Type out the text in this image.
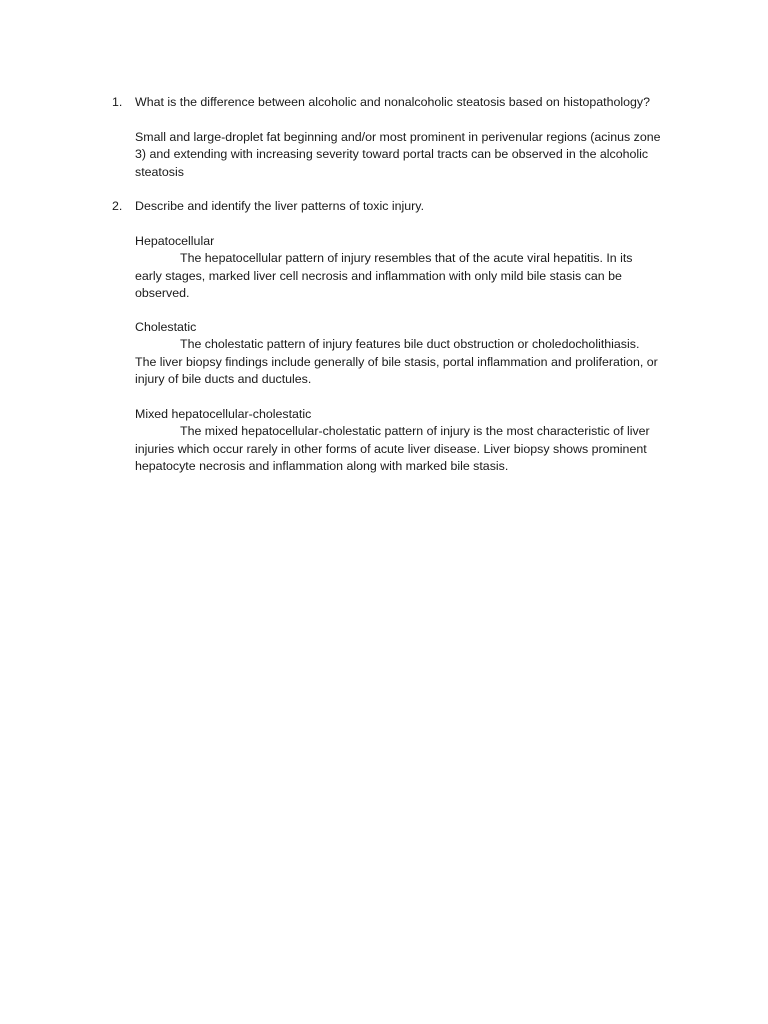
1. What is the difference between alcoholic and nonalcoholic steatosis based on histopathology?
Small and large-droplet fat beginning and/or most prominent in perivenular regions (acinus zone
3) and extending with increasing severity toward portal tracts can be observed in the alcoholic
steatosis
2. Describe and identify the liver patterns of toxic injury.
Hepatocellular
The hepatocellular pattern of injury resembles that of the acute viral hepatitis. In its
early stages, marked liver cell necrosis and inflammation with only mild bile stasis can be
observed.
Cholestatic
The cholestatic pattern of injury features bile duct obstruction or choledocholithiasis.
The liver biopsy findings include generally of bile stasis, portal inflammation and proliferation, or
injury of bile ducts and ductules.
Mixed hepatocellular-cholestatic
The mixed hepatocellular-cholestatic pattern of injury is the most characteristic of liver
injuries which occur rarely in other forms of acute liver disease. Liver biopsy shows prominent
hepatocyte necrosis and inflammation along with marked bile stasis.
